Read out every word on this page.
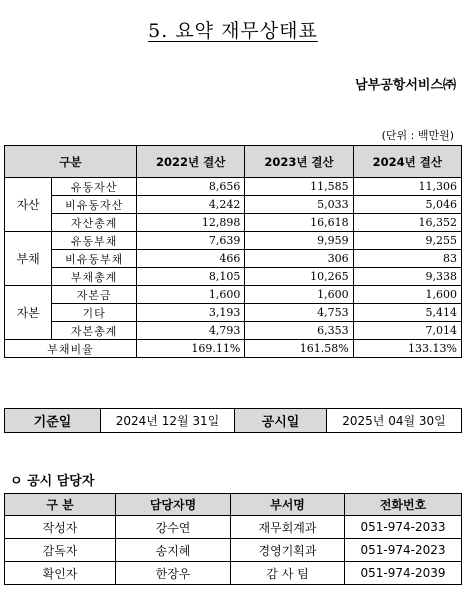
5. 요약 재무상태표
남부공항서비스㈜
(단위 : 백만원)
구분		2022년 결산	2023년 결산	2024년 결산
자산	유동자산	8,656	11,585	11,306
	비유동자산	4,242	5,033	5,046
	자산총계	12,898	16,618	16,352
부채	유동부채	7,639	9,959	9,255
	비유동부채	466	306	83
	부채총계	8,105	10,265	9,338
자본	자본금	1,600	1,600	1,600
	기타	3,193	4,753	5,414
	자본총계	4,793	6,353	7,014
부채비율		169.11%	161.58%	133.13%
기준일	2024년 12월 31일	공시일	2025년 04월 30일
ㅇ 공시 담당자
구 분	담당자명	부서명	전화번호
작성자	강수연	재무회계과	051-974-2033
감독자	송지혜	경영기획과	051-974-2023
확인자	한장우	감 사 팀	051-974-2039
